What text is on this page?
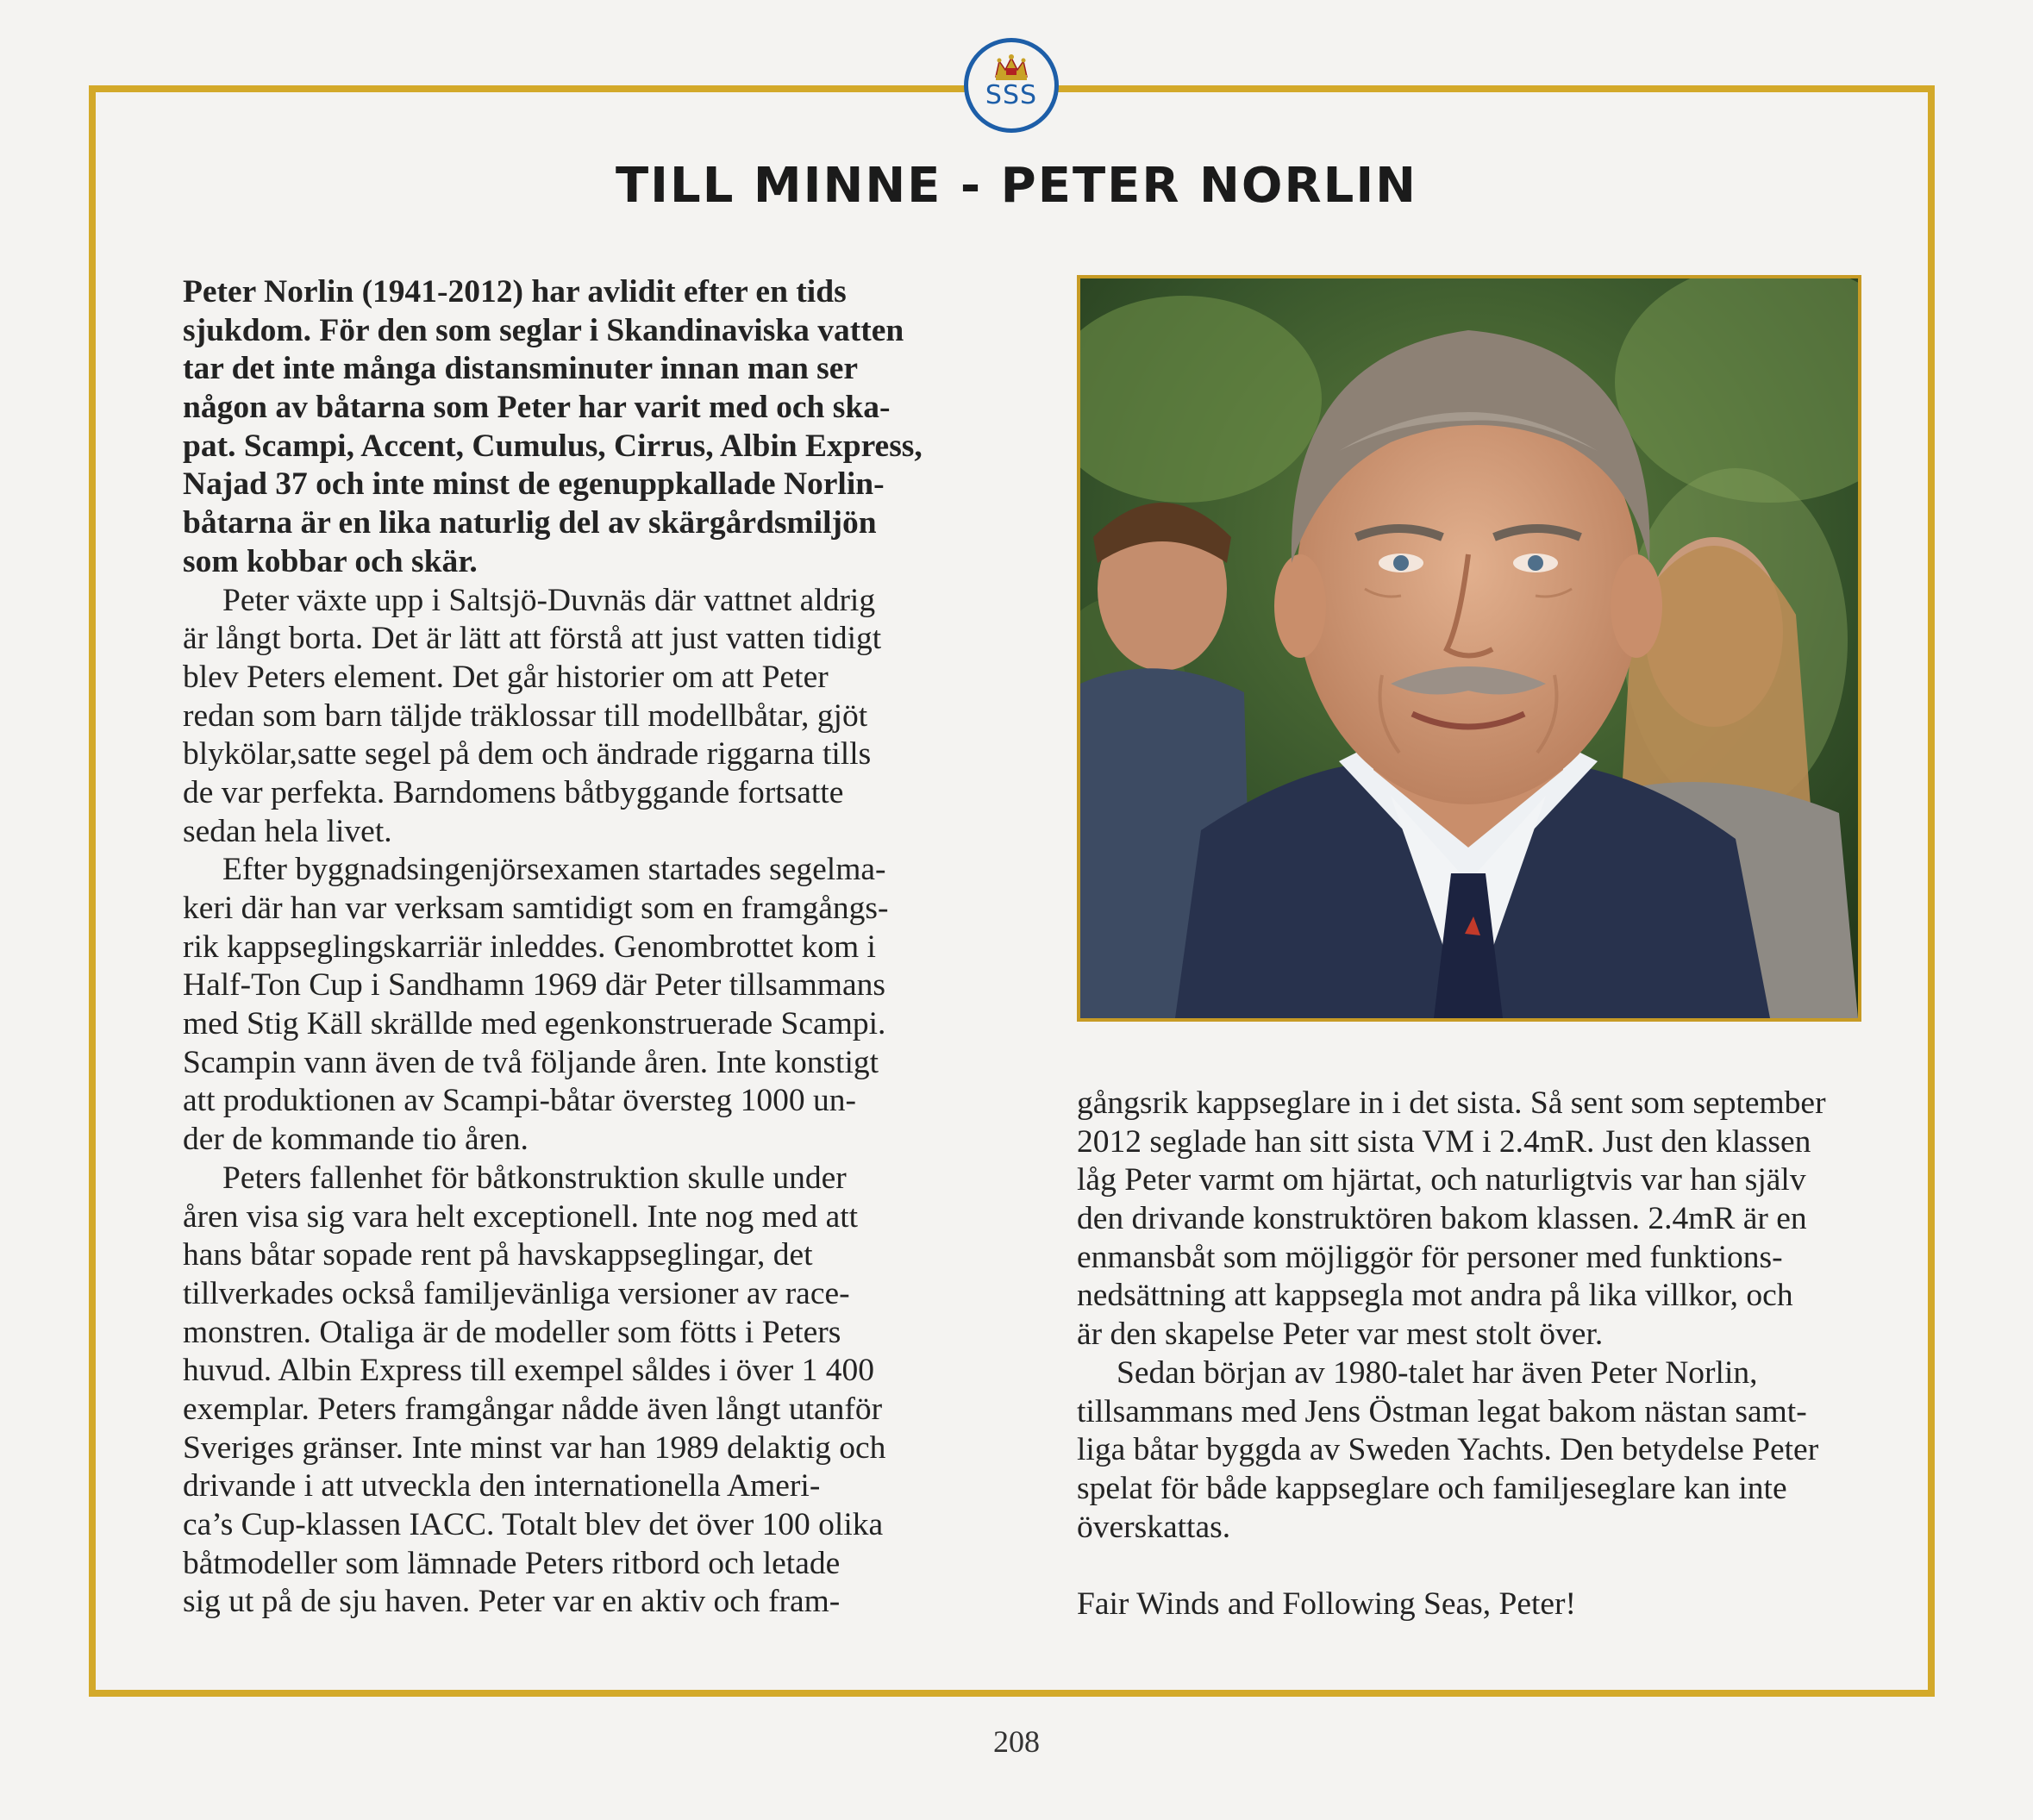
SSS
TILL MINNE - PETER NORLIN
Peter Norlin (1941-2012) har avlidit efter en tids
sjukdom. För den som seglar i Skandinaviska vatten
tar det inte många distansminuter innan man ser
någon av båtarna som Peter har varit med och ska-
pat. Scampi, Accent, Cumulus, Cirrus, Albin Express,
Najad 37 och inte minst de egenuppkallade Norlin-
båtarna är en lika naturlig del av skärgårdsmiljön
som kobbar och skär.
Peter växte upp i Saltsjö-Duvnäs där vattnet aldrig
är långt borta. Det är lätt att förstå att just vatten tidigt
blev Peters element. Det går historier om att Peter
redan som barn täljde träklossar till modellbåtar, gjöt
blykölar,satte segel på dem och ändrade riggarna tills
de var perfekta. Barndomens båtbyggande fortsatte
sedan hela livet.
Efter byggnadsingenjörsexamen startades segelma-
keri där han var verksam samtidigt som en framgångs-
rik kappseglingskarriär inleddes. Genombrottet kom i
Half-Ton Cup i Sandhamn 1969 där Peter tillsammans
med Stig Käll skrällde med egenkonstruerade Scampi.
Scampin vann även de två följande åren. Inte konstigt
att produktionen av Scampi-båtar översteg 1000 un-
der de kommande tio åren.
Peters fallenhet för båtkonstruktion skulle under
åren visa sig vara helt exceptionell. Inte nog med att
hans båtar sopade rent på havskappseglingar, det
tillverkades också familjevänliga versioner av race-
monstren. Otaliga är de modeller som fötts i Peters
huvud. Albin Express till exempel såldes i över 1 400
exemplar. Peters framgångar nådde även långt utanför
Sveriges gränser. Inte minst var han 1989 delaktig och
drivande i att utveckla den internationella Ameri-
ca’s Cup-klassen IACC. Totalt blev det över 100 olika
båtmodeller som lämnade Peters ritbord och letade
sig ut på de sju haven. Peter var en aktiv och fram-
gångsrik kappseglare in i det sista. Så sent som september
2012 seglade han sitt sista VM i 2.4mR. Just den klassen
låg Peter varmt om hjärtat, och naturligtvis var han själv
den drivande konstruktören bakom klassen. 2.4mR är en
enmansbåt som möjliggör för personer med funktions-
nedsättning att kappsegla mot andra på lika villkor, och
är den skapelse Peter var mest stolt över.
Sedan början av 1980-talet har även Peter Norlin,
tillsammans med Jens Östman legat bakom nästan samt-
liga båtar byggda av Sweden Yachts. Den betydelse Peter
spelat för både kappseglare och familjeseglare kan inte
överskattas.
Fair Winds and Following Seas, Peter!
208
